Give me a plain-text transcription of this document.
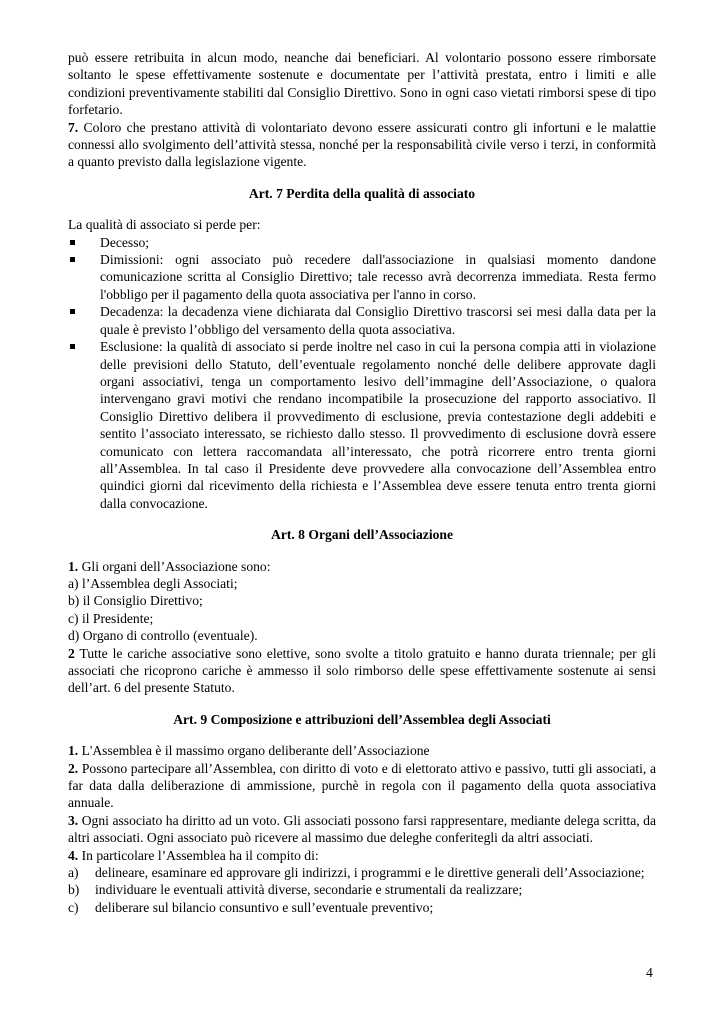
può essere retribuita in alcun modo, neanche dai beneficiari. Al volontario possono essere rimborsate soltanto le spese effettivamente sostenute e documentate per l’attività prestata, entro i limiti e alle condizioni preventivamente stabiliti dal Consiglio Direttivo. Sono in ogni caso vietati rimborsi spese di tipo forfetario.

7. Coloro che prestano attività di volontariato devono essere assicurati contro gli infortuni e le malattie connessi allo svolgimento dell’attività stessa, nonché per la responsabilità civile verso i terzi, in conformità a quanto previsto dalla legislazione vigente.

Art. 7 Perdita della qualità di associato

La qualità di associato si perde per:

Decesso;
Dimissioni: ogni associato può recedere dall'associazione in qualsiasi momento dandone comunicazione scritta al Consiglio Direttivo; tale recesso avrà decorrenza immediata. Resta fermo l'obbligo per il pagamento della quota associativa per l'anno in corso.
Decadenza: la decadenza viene dichiarata dal Consiglio Direttivo trascorsi sei mesi dalla data per la quale è previsto l’obbligo del versamento della quota associativa.
Esclusione: la qualità di associato si perde inoltre nel caso in cui la persona compia atti in violazione delle previsioni dello Statuto, dell’eventuale regolamento nonché delle delibere approvate dagli organi associativi, tenga un comportamento lesivo dell’immagine dell’Associazione, o qualora intervengano gravi motivi che rendano incompatibile la prosecuzione del rapporto associativo. Il Consiglio Direttivo delibera il provvedimento di esclusione, previa contestazione degli addebiti e sentito l’associato interessato, se richiesto dallo stesso. Il provvedimento di esclusione dovrà essere comunicato con lettera raccomandata all’interessato, che potrà ricorrere entro trenta giorni all’Assemblea. In tal caso il Presidente deve provvedere alla convocazione dell’Assemblea entro quindici giorni dal ricevimento della richiesta e l’Assemblea deve essere tenuta entro trenta giorni dalla convocazione.

Art. 8 Organi dell’Associazione

1. Gli organi dell’Associazione sono:

a) l’Assemblea degli Associati;

b) il Consiglio Direttivo;

c) il Presidente;

d) Organo di controllo (eventuale).

2 Tutte le cariche associative sono elettive, sono svolte a titolo gratuito e hanno durata triennale; per gli associati che ricoprono cariche è ammesso il solo rimborso delle spese effettivamente sostenute ai sensi dell’art. 6 del presente Statuto.

Art. 9 Composizione e attribuzioni dell’Assemblea degli Associati

1. L'Assemblea è il massimo organo deliberante dell’Associazione

2. Possono partecipare all’Assemblea, con diritto di voto e di elettorato attivo e passivo, tutti gli associati, a far data dalla deliberazione di ammissione, purchè in regola con il pagamento della quota associativa annuale.

3. Ogni associato ha diritto ad un voto. Gli associati possono farsi rappresentare, mediante delega scritta, da altri associati. Ogni associato può ricevere al massimo due deleghe conferitegli da altri associati.

4. In particolare l’Assemblea ha il compito di:

a) delineare, esaminare ed approvare gli indirizzi, i programmi e le direttive generali dell’Associazione;
b) individuare le eventuali attività diverse, secondarie e strumentali da realizzare;
c) deliberare sul bilancio consuntivo e sull’eventuale preventivo;
4
